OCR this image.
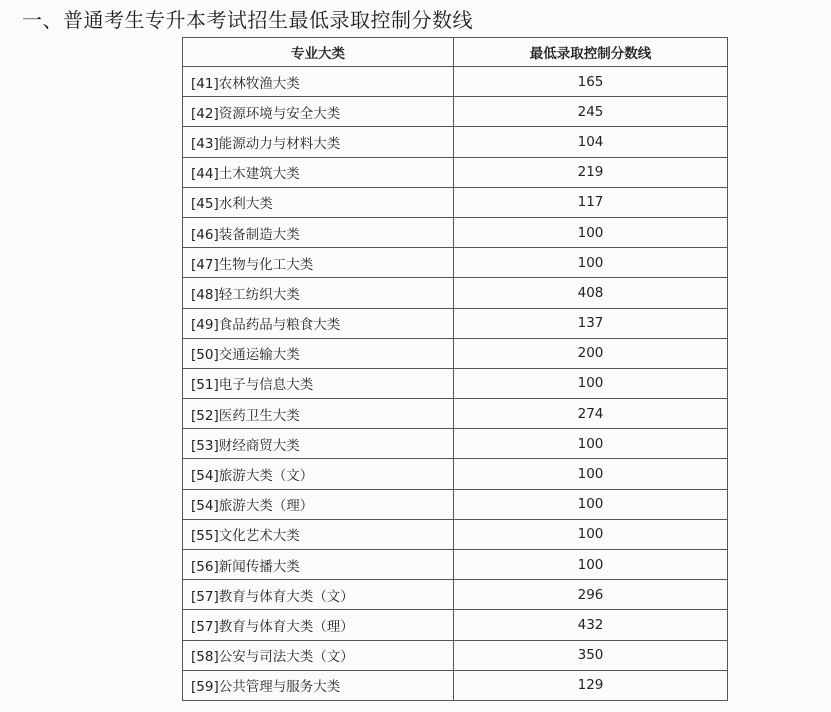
一、普通考生专升本考试招生最低录取控制分数线
专业大类	最低录取控制分数线
[41]农林牧渔大类	165
[42]资源环境与安全大类	245
[43]能源动力与材料大类	104
[44]土木建筑大类	219
[45]水利大类	117
[46]装备制造大类	100
[47]生物与化工大类	100
[48]轻工纺织大类	408
[49]食品药品与粮食大类	137
[50]交通运输大类	200
[51]电子与信息大类	100
[52]医药卫生大类	274
[53]财经商贸大类	100
[54]旅游大类（文）	100
[54]旅游大类（理）	100
[55]文化艺术大类	100
[56]新闻传播大类	100
[57]教育与体育大类（文）	296
[57]教育与体育大类（理）	432
[58]公安与司法大类（文）	350
[59]公共管理与服务大类	129
